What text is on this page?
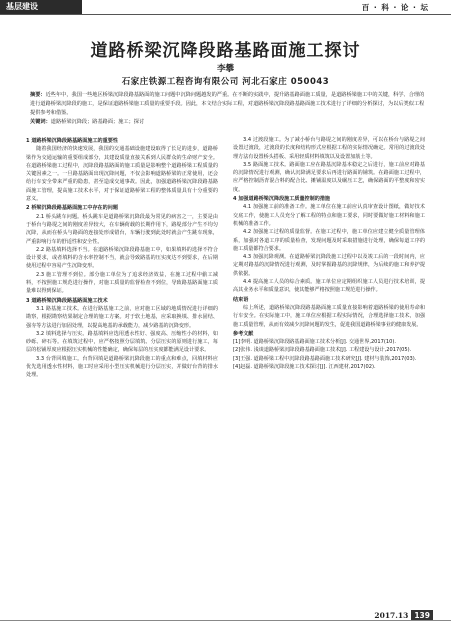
基层建设	百 · 科 · 论 · 坛
道路桥梁沉降段路基路面施工探讨
李攀
石家庄铁源工程咨询有限公司 河北石家庄 050043
摘要：近些年中，我国一些地区桥梁沉降段路基路面的施工问题中沉降问题越发的严重。在不断的实践中，提升路基路面施工质量，是道路桥梁施工中的关键，科学、合理的进行道路桥梁沉降段的施工，是保证道路桥梁施工质量的重要手段。因此，本文结合实际工程，对道路桥梁沉降段路基路面施工技术进行了详细的分析探讨，为以后类似工程提供参考和借鉴。
关键词：道路桥梁沉降段；路基路面；施工；探讨

1 道路桥梁沉降段路基路面施工的重要性

随着我国经济的快速发展，我国的交通基础设施建设取得了长足的进步，道路桥梁作为交通运输的重要组成部分，其建设质量直接关系到人民群众的生命财产安全。在道路桥梁施工过程中，沉降段路基路面的施工质量是影响整个道路桥梁工程质量的关键因素之一。一旦路基路面出现沉降问题，不仅会影响道路桥梁的正常使用，还会给行车安全带来严重的隐患，甚至造成交通事故。因此，加强道路桥梁沉降段路基路面施工管理，提高施工技术水平，对于保证道路桥梁工程的整体质量具有十分重要的意义。

2 桥梁沉降段路基路面施工中存在的问题

2.1 桥头跳车问题。桥头跳车是道路桥梁沉降段最为常见的病害之一，主要是由于桥台与路堤之间的刚度差异较大，在车辆荷载的长期作用下，路堤部分产生不均匀沉降，从而在桥头与路面的连接处形成错台，车辆行驶到此处时就会产生跳车现象，严重影响行车的舒适性和安全性。

2.2 路基填料选择不当。在道路桥梁沉降段路基施工中，如果填料的选择不符合设计要求，或者填料的含水率控制不当，就会导致路基的压实度达不到要求，在后期使用过程中容易产生沉降变形。

2.3 施工管理不到位。部分施工单位为了追求经济效益，在施工过程中偷工减料，不按照施工规范进行操作，对施工质量的监督检查不到位，导致路基路面施工质量难以得到保证。

3 道路桥梁沉降段路基路面施工技术

3.1 路基施工技术。在进行路基施工之前，应对施工区域的地质情况进行详细的勘察，根据勘察结果制定合理的施工方案。对于软土地基，应采取换填、排水固结、强夯等方法进行加固处理，以提高地基的承载能力，减少路基的沉降变形。

3.2 填料选择与压实。路基填料应选用透水性好、强度高、压缩性小的材料，如砂砾、碎石等。在填筑过程中，应严格按照分层填筑、分层压实的原则进行施工，每层的松铺厚度应根据压实机械的性能确定，确保每层的压实度都能满足设计要求。

3.3 台背回填施工。台背回填是道路桥梁沉降段施工的重点和难点，回填材料应优先选用透水性材料，施工时应采用小型压实机械进行分层压实，并做好台背的排水处理。

3.4 过渡段施工。为了减小桥台与路堤之间的刚度差异，可以在桥台与路堤之间设置过渡段，过渡段的长度和结构形式应根据工程的实际情况确定。常用的过渡段处理方法有设置桥头搭板、采用轻质材料填筑以及设置加筋土等。

3.5 路面施工技术。路面施工应在路基沉降基本稳定之后进行，施工前应对路基的沉降情况进行观测，确认沉降满足要求后再进行路面的铺筑。在路面施工过程中，应严格控制沥青混合料的配合比、摊铺温度以及碾压工艺，确保路面的平整度和密实度。

4 加强道路桥梁沉降段施工质量控制的措施

4.1 加强施工前的准备工作。施工单位在施工前应认真审查设计图纸，做好技术交底工作，使施工人员充分了解工程的特点和施工要求，同时要做好施工材料和施工机械的准备工作。

4.2 加强施工过程的质量监督。在施工过程中，施工单位应建立健全质量管理体系，加强对各道工序的质量检查，发现问题及时采取措施进行处理，确保每道工序的施工质量都符合要求。

4.3 加强沉降观测。在道路桥梁沉降段施工过程中以及竣工后的一段时间内，应定期对路基的沉降情况进行观测，及时掌握路基的沉降规律，为后续的施工和养护提供依据。

4.4 提高施工人员的综合素质。施工单位应定期组织施工人员进行技术培训，提高其业务水平和质量意识，使其能够严格按照施工规范进行操作。

结束语

综上所述，道路桥梁沉降段路基路面施工质量直接影响着道路桥梁的使用寿命和行车安全。在实际施工中，施工单位应根据工程实际情况，合理选择施工技术，加强施工质量管理，从而有效减少沉降问题的发生，促进我国道路桥梁事业的健康发展。

参考文献

[1]李明. 道路桥梁沉降段路基路面施工技术分析[J]. 交通世界,2017(10).

[2]张伟. 浅谈道路桥梁沉降段路基路面施工技术[J]. 工程建设与设计,2017(05).

[3]王强. 道路桥梁工程中沉降段路基路面施工技术研究[J]. 建材与装饰,2017(03).

[4]赵磊. 道路桥梁沉降段施工技术探讨[J]. 江西建材,2017(02).

2017.13 139
